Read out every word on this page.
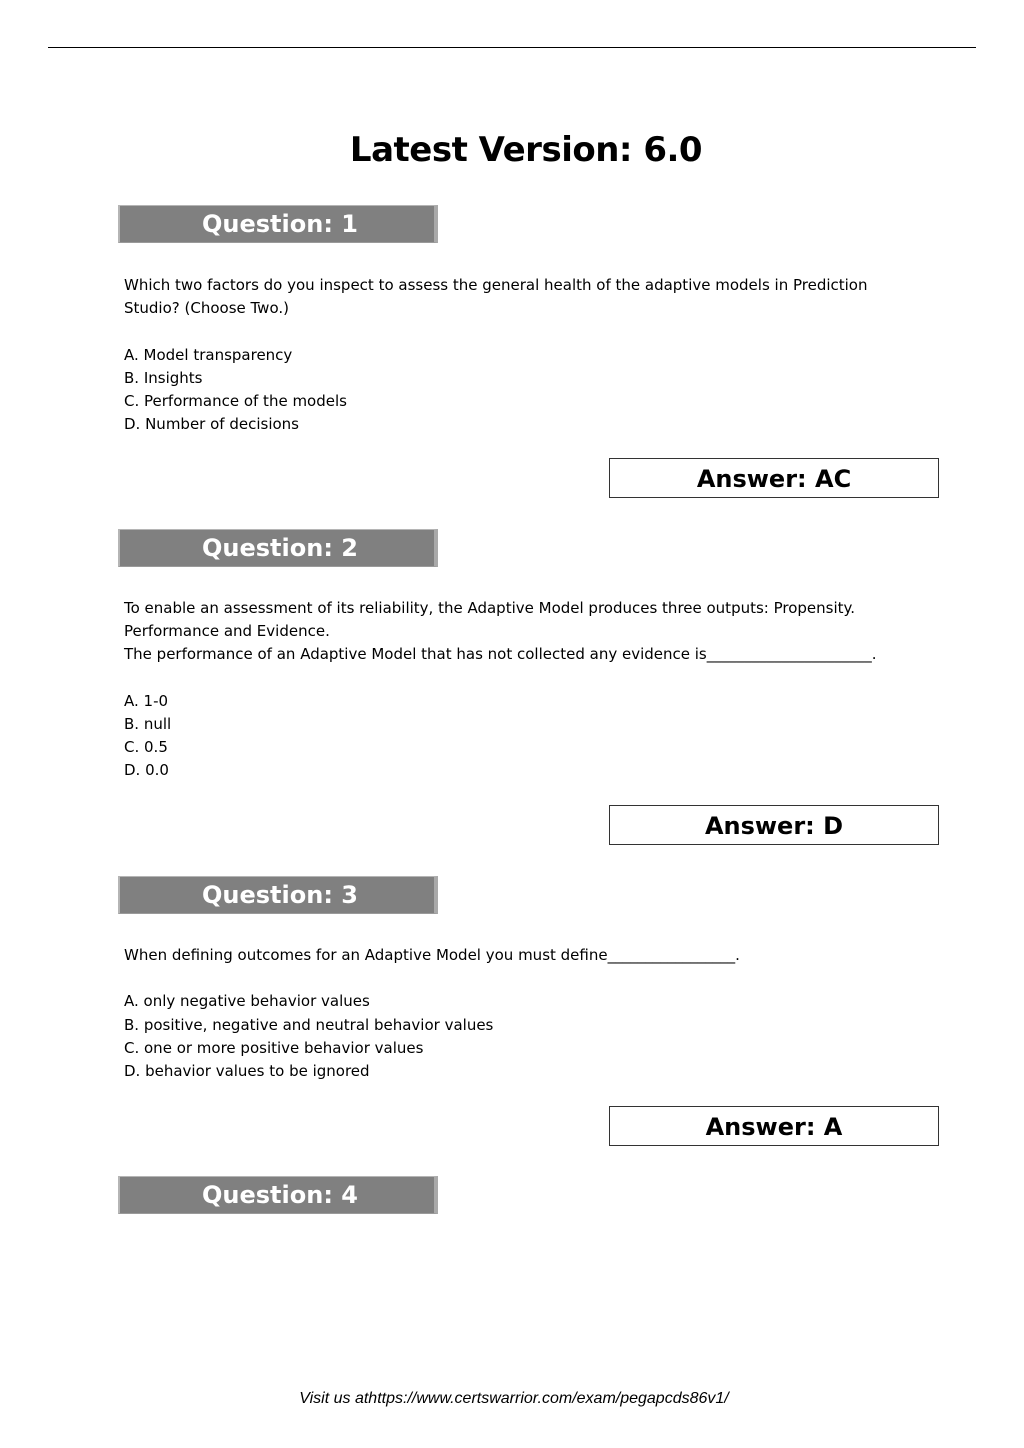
Latest Version: 6.0
Question: 1

Which two factors do you inspect to assess the general health of the adaptive models in Prediction

Studio? (Choose Two.)

A. Model transparency

B. Insights

C. Performance of the models

D. Number of decisions

Answer: AC
Question: 2

To enable an assessment of its reliability, the Adaptive Model produces three outputs: Propensity.

Performance and Evidence.

The performance of an Adaptive Model that has not collected any evidence is______________________.

A. 1-0

B. null

C. 0.5

D. 0.0

Answer: D
Question: 3

When defining outcomes for an Adaptive Model you must define_________________.

A. only negative behavior values

B. positive, negative and neutral behavior values

C. one or more positive behavior values

D. behavior values to be ignored

Answer: A
Question: 4
Visit us athttps://www.certswarrior.com/exam/pegapcds86v1/
